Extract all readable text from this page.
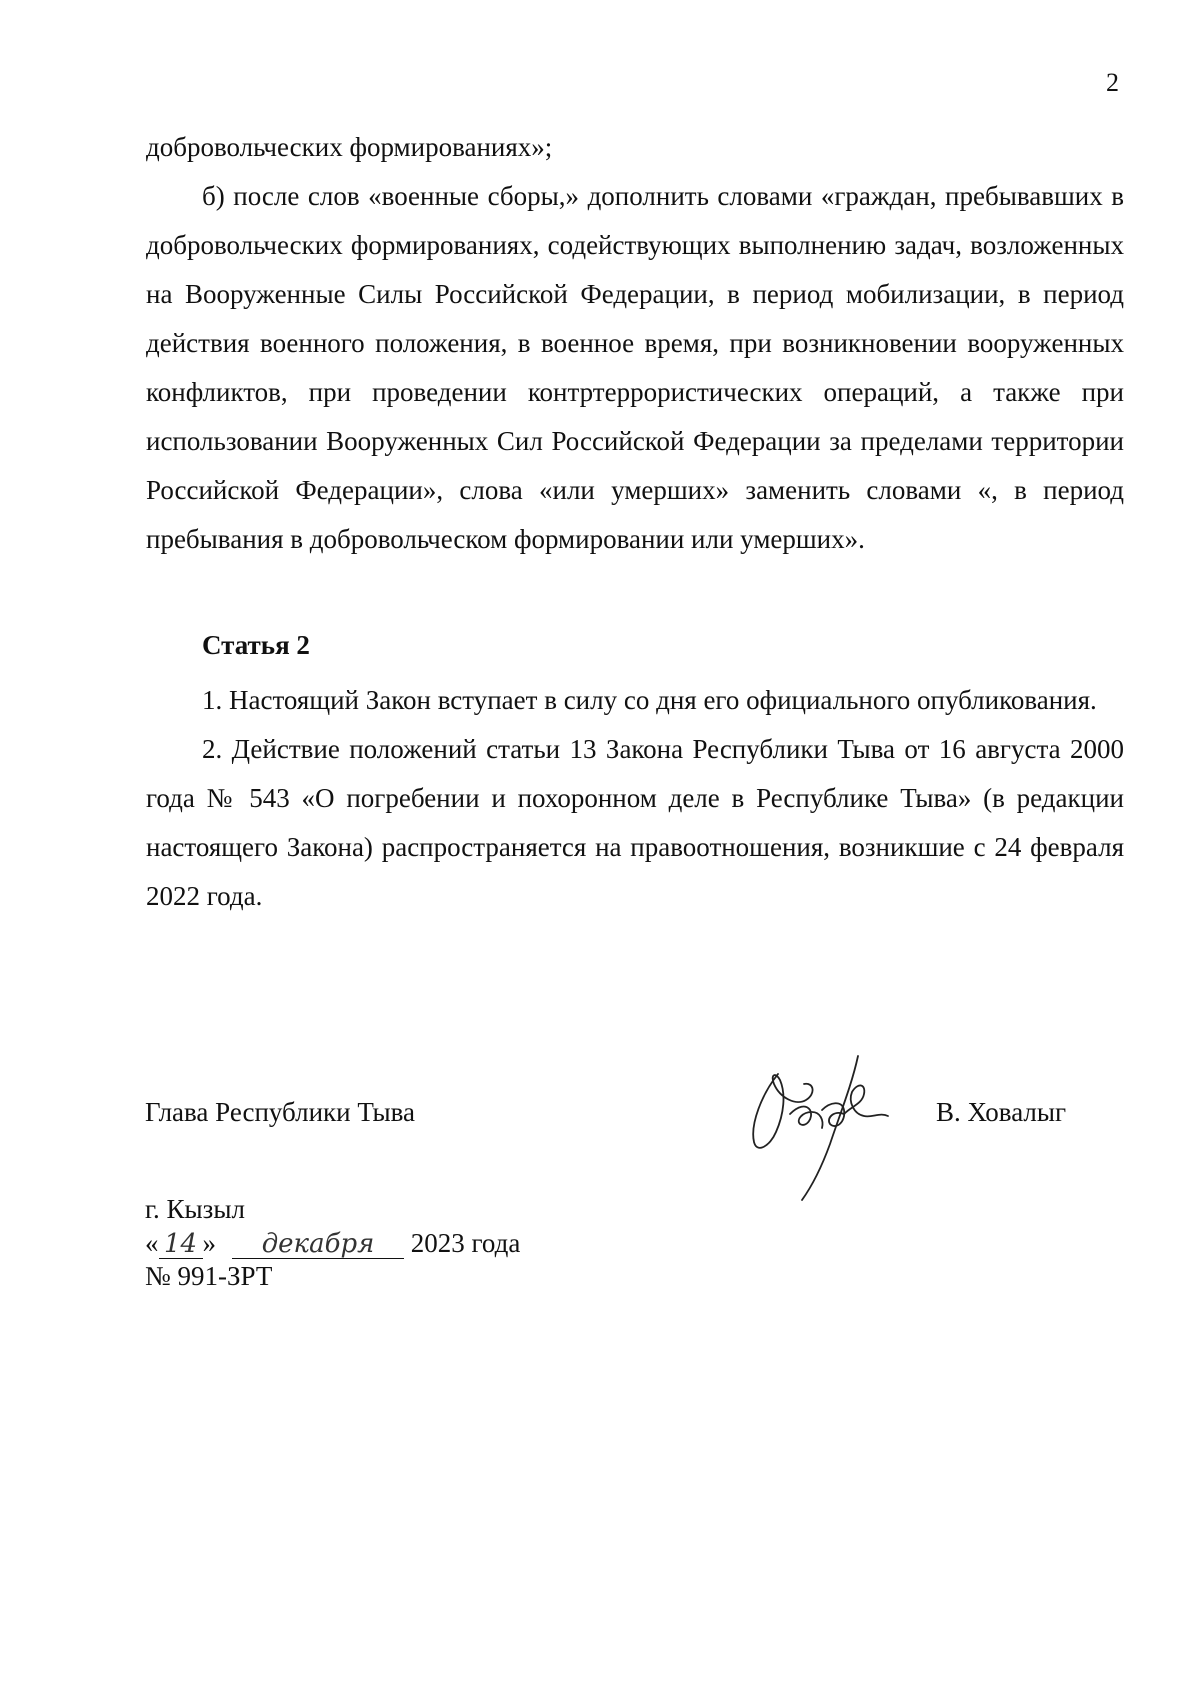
2

добровольческих формированиях»;

б) после слов «военные сборы,» дополнить словами «граждан, пребывавших в добровольческих формированиях, содействующих выполнению задач, возложенных на Вооруженные Силы Российской Федерации, в период мобилизации, в период действия военного положения, в военное время, при возникновении вооруженных конфликтов, при проведении контртеррористических операций, а также при использовании Вооруженных Сил Российской Федерации за пределами территории Российской Федерации», слова «или умерших» заменить словами «, в период пребывания в добровольческом формировании или умерших».

Статья 2

1. Настоящий Закон вступает в силу со дня его официального опубликования.

2. Действие положений статьи 13 Закона Республики Тыва от 16 августа 2000 года № 543 «О погребении и похоронном деле в Республике Тыва» (в редакции настоящего Закона) распространяется на правоотношения, возникшие с 24 февраля 2022 года.

Глава Республики Тыва	В. Ховалыг
г. Кызыл
« 14 » декабря 2023 года
№ 991-ЗРТ
